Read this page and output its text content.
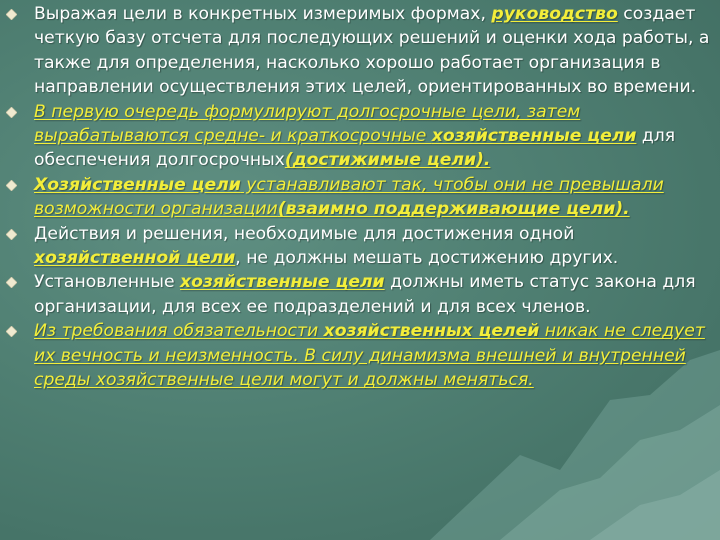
Выражая цели в конкретных измеримых формах, руководство создает четкую базу отсчета для последующих решений и оценки хода работы, а также для определения, насколько хорошо работает организация в направлении осуществления этих целей, ориентированных во времени.
В первую очередь формулируют долгосрочные цели, затем вырабатываются средне- и краткосрочные хозяйственные цели для обеспечения долгосрочных(достижимые цели).
Хозяйственные цели устанавливают так, чтобы они не превышали возможности организации(взаимно поддерживающие цели).
Действия и решения, необходимые для достижения одной хозяйственной цели, не должны мешать достижению других.
Установленные хозяйственные цели должны иметь статус закона для организации, для всех ее подразделений и для всех членов.
Из требования обязательности хозяйственных целей никак не следует их вечность и неизменность. В силу динамизма внешней и внутренней среды хозяйственные цели могут и должны меняться.
